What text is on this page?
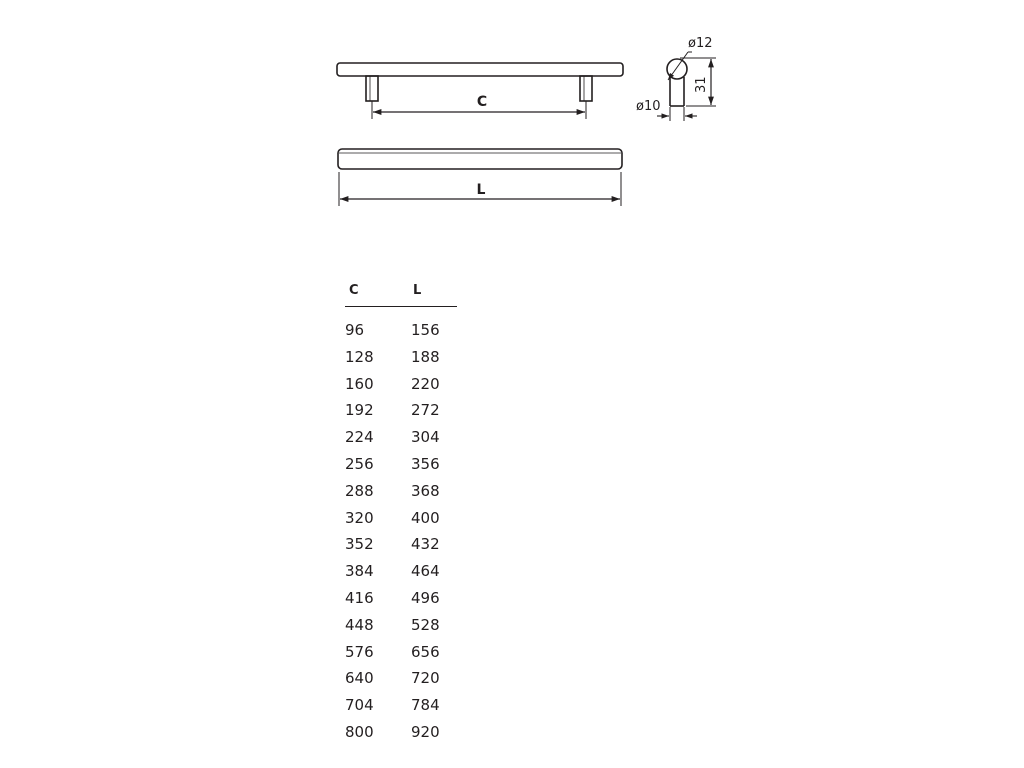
C
L
ø12
31
ø10
C	L
96	156
128	188
160	220
192	272
224	304
256	356
288	368
320	400
352	432
384	464
416	496
448	528
576	656
640	720
704	784
800	920
